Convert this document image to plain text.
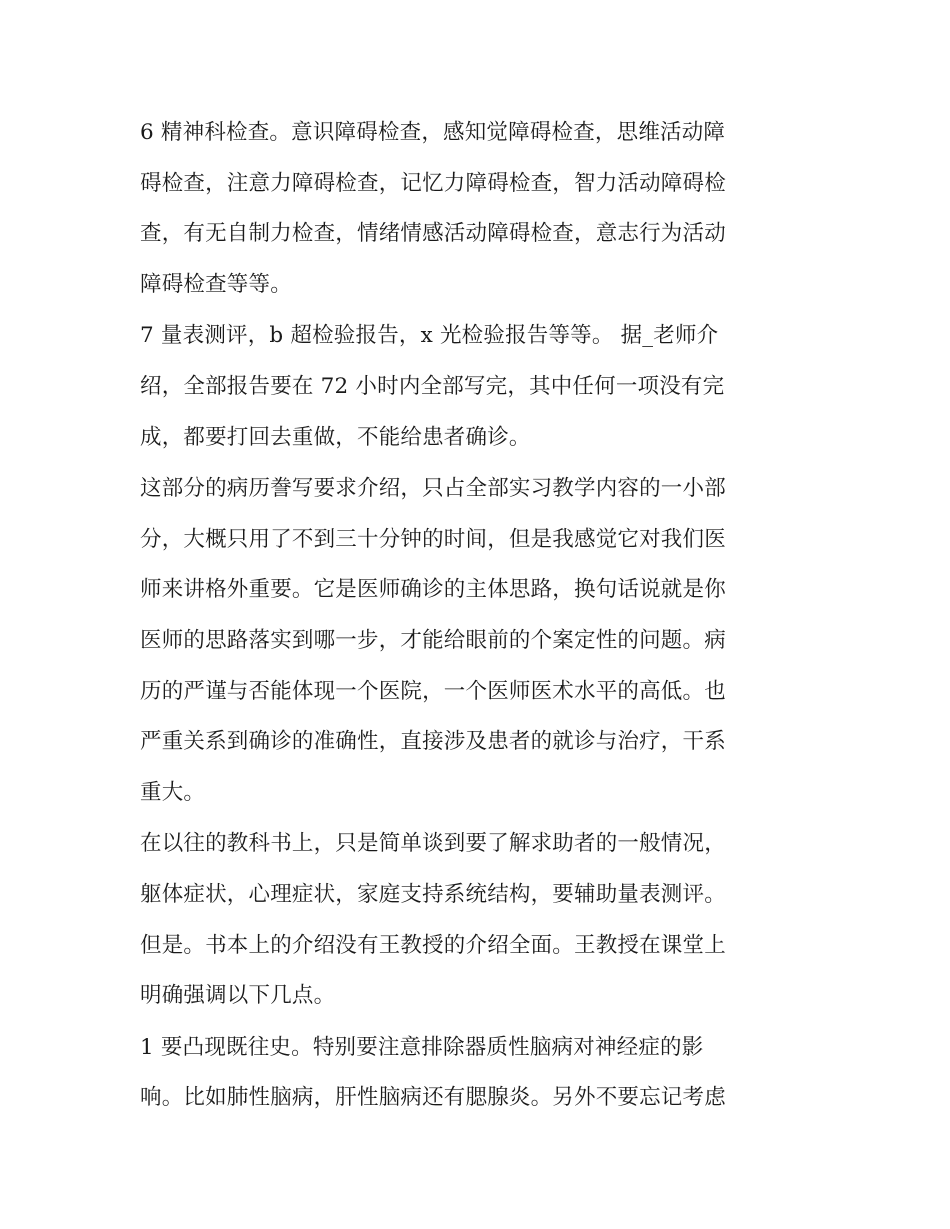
6 精神科检查。意识障碍检查，感知觉障碍检查，思维活动障
碍检查，注意力障碍检查，记忆力障碍检查，智力活动障碍检
查，有无自制力检查，情绪情感活动障碍检查，意志行为活动
障碍检查等等。

7 量表测评，b 超检验报告，x 光检验报告等等。 据_老师介
绍，全部报告要在 72 小时内全部写完，其中任何一项没有完
成，都要打回去重做，不能给患者确诊。

这部分的病历誊写要求介绍，只占全部实习教学内容的一小部
分，大概只用了不到三十分钟的时间，但是我感觉它对我们医
师来讲格外重要。它是医师确诊的主体思路，换句话说就是你
医师的思路落实到哪一步，才能给眼前的个案定性的问题。病
历的严谨与否能体现一个医院，一个医师医术水平的高低。也
严重关系到确诊的准确性，直接涉及患者的就诊与治疗，干系
重大。

在以往的教科书上，只是简单谈到要了解求助者的一般情况，
躯体症状，心理症状，家庭支持系统结构，要辅助量表测评。
但是。书本上的介绍没有王教授的介绍全面。王教授在课堂上
明确强调以下几点。

1 要凸现既往史。特别要注意排除器质性脑病对神经症的影
响。比如肺性脑病，肝性脑病还有腮腺炎。另外不要忘记考虑
